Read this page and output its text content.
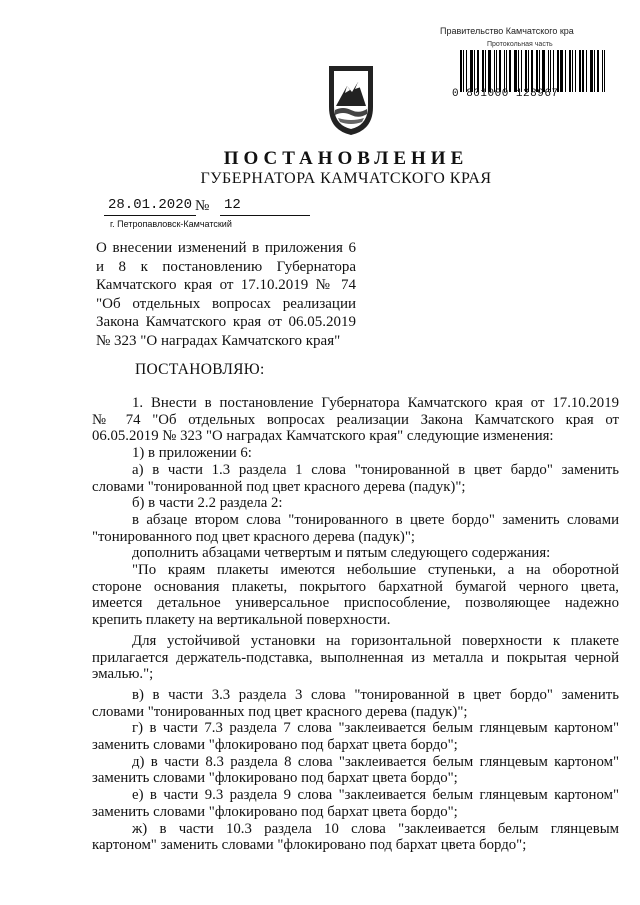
Правительство Камчатского кра
Протокольная часть
0 801000 128967
ПОСТАНОВЛЕНИЕ
ГУБЕРНАТОРА КАМЧАТСКОГО КРАЯ
28.01.2020 № 12
г. Петропавловск-Камчатский
О внесении изменений в приложения 6
и 8 к постановлению Губернатора
Камчатского края от 17.10.2019 № 74
"Об отдельных вопросах реализации
Закона Камчатского края от 06.05.2019
№ 323 "О наградах Камчатского края"
ПОСТАНОВЛЯЮ:

1. Внести в постановление Губернатора Камчатского края от 17.10.2019

№ 74 "Об отдельных вопросах реализации Закона Камчатского края от

06.05.2019 № 323 "О наградах Камчатского края" следующие изменения:

1) в приложении 6:

а) в части 1.3 раздела 1 слова "тонированной в цвет бардо" заменить

словами "тонированной под цвет красного дерева (падук)";

б) в части 2.2 раздела 2:

в абзаце втором слова "тонированного в цвете бордо" заменить словами

"тонированного под цвет красного дерева (падук)";

дополнить абзацами четвертым и пятым следующего содержания:

"По краям плакеты имеются небольшие ступеньки, а на оборотной

стороне основания плакеты, покрытого бархатной бумагой черного цвета,

имеется детальное универсальное приспособление, позволяющее надежно

крепить плакету на вертикальной поверхности.

Для устойчивой установки на горизонтальной поверхности к плакете

прилагается держатель-подставка, выполненная из металла и покрытая черной

эмалью.";

в) в части 3.3 раздела 3 слова "тонированной в цвет бордо" заменить

словами "тонированных под цвет красного дерева (падук)";

г) в части 7.3 раздела 7 слова "заклеивается белым глянцевым картоном"

заменить словами "флокировано под бархат цвета бордо";

д) в части 8.3 раздела 8 слова "заклеивается белым глянцевым картоном"

заменить словами "флокировано под бархат цвета бордо";

е) в части 9.3 раздела 9 слова "заклеивается белым глянцевым картоном"

заменить словами "флокировано под бархат цвета бордо";

ж) в части 10.3 раздела 10 слова "заклеивается белым глянцевым

картоном" заменить словами "флокировано под бархат цвета бордо";
